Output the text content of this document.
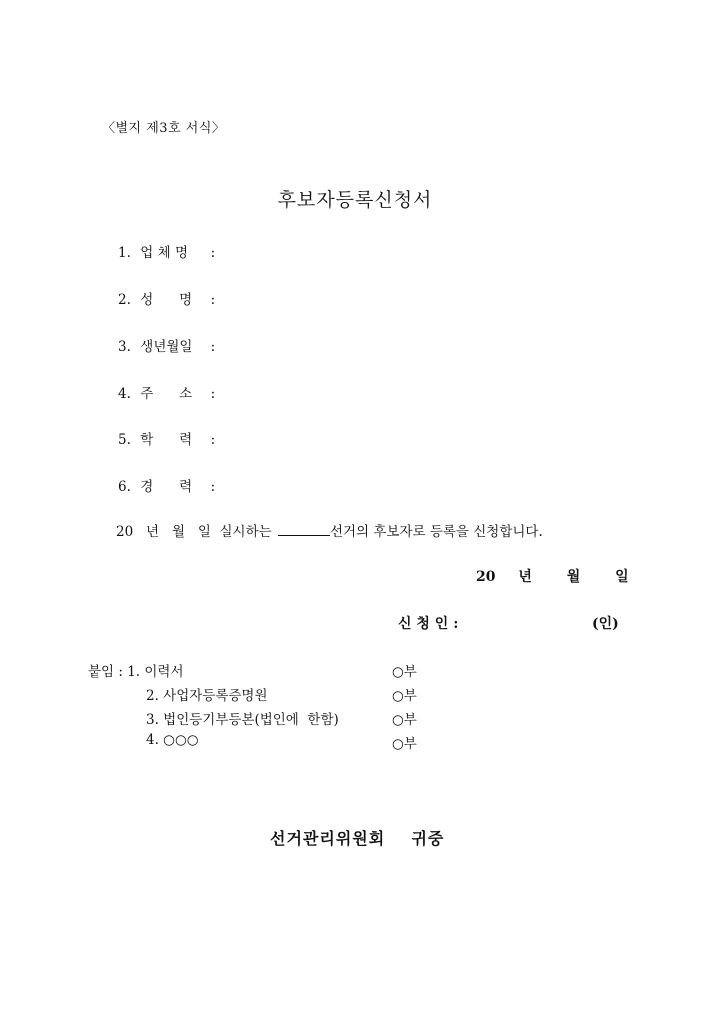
〈별지 제3호 서식〉
후보자등록신청서
1. 업 체 명 :
2. 성      명 :
3. 생년월일 :
4. 주      소 :
5. 학      력 :
6. 경      력 :
20   년   월   일  실시하는	선거의 후보자로 등록을 신청합니다.
20 년 월 일
신 청 인 :	(인)
붙임 : 1. 이력서	○부
2. 사업자등록증명원	○부
3. 법인등기부등본(법인에  한함)	○부
4. ○○○	○부
선거관리위원회    귀중
